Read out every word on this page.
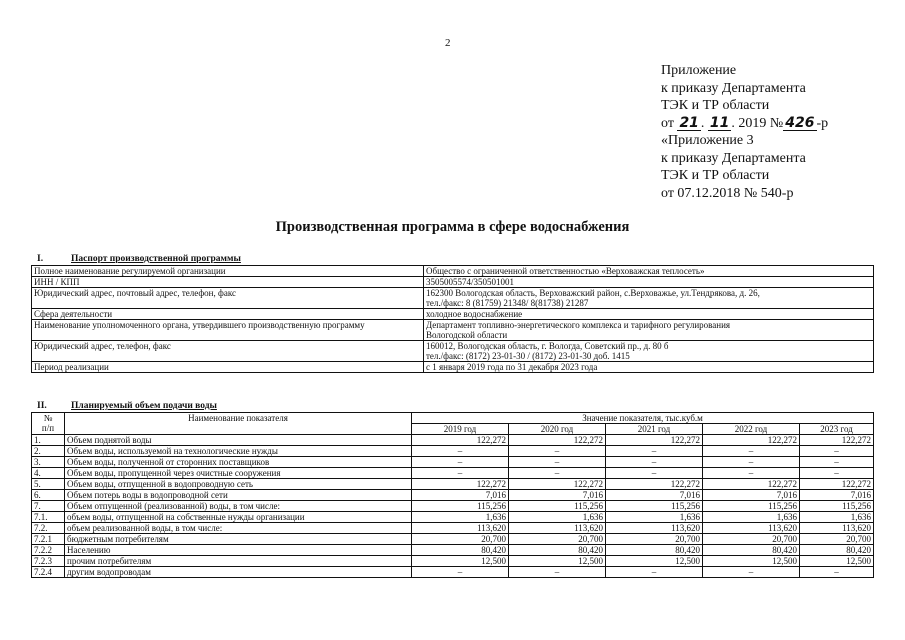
2
Приложение
к приказу Департамента
ТЭК и ТР области
от 21 . 11 . 2019 № 426 -р
«Приложение 3
к приказу Департамента
ТЭК и ТР области
от 07.12.2018 № 540-р
Производственная программа в сфере водоснабжения
I.	Паспорт производственной программы
Полное наименование регулируемой организации	Общество с ограниченной ответственностью «Верховажская теплосеть»

ИНН / КПП	3505005574/350501001

Юридический адрес, почтовый адрес, телефон, факс	162300 Вологодская область, Верховажский район, с.Верховажье, ул.Тендрякова, д. 26,
тел./факс: 8 (81759) 21348/ 8(81738) 21287

Сфера деятельности	холодное водоснабжение

Наименование уполномоченного органа, утвердившего производственную программу	Департамент топливно-энергетического комплекса и тарифного регулирования
Вологодской области

Юридический адрес, телефон, факс	160012, Вологодская область, г. Вологда, Советский пр., д. 80 б
тел./факс: (8172) 23-01-30 / (8172) 23-01-30 доб. 1415

Период реализации	с 1 января 2019 года по 31 декабря 2023 года
II.	Планируемый объем подачи воды
№
п/п	Наименование показателя	Значение показателя, тыс.куб.м				
		2019 год	2020 год	2021 год	2022 год	2023 год
1.	Объем поднятой воды	122,272	122,272	122,272	122,272	122,272
2.	Объем воды, используемой на технологические нужды	–	–	–	–	–
3.	Объем воды, полученной от сторонних поставщиков	–	–	–	–	–
4.	Объем воды, пропущенной через очистные сооружения	–	–	–	–	–
5.	Объем воды, отпущенной в водопроводную сеть	122,272	122,272	122,272	122,272	122,272
6.	Объем потерь воды в водопроводной сети	7,016	7,016	7,016	7,016	7,016
7.	Объем отпущенной (реализованной) воды, в том числе:	115,256	115,256	115,256	115,256	115,256
7.1.	объем воды, отпущенной на собственные нужды организации	1,636	1,636	1,636	1,636	1,636
7.2.	объем реализованной воды, в том числе:	113,620	113,620	113,620	113,620	113,620
7.2.1	бюджетным потребителям	20,700	20,700	20,700	20,700	20,700
7.2.2	Населению	80,420	80,420	80,420	80,420	80,420
7.2.3	прочим потребителям	12,500	12,500	12,500	12,500	12,500
7.2.4	другим водопроводам	–	–	–	–	–
